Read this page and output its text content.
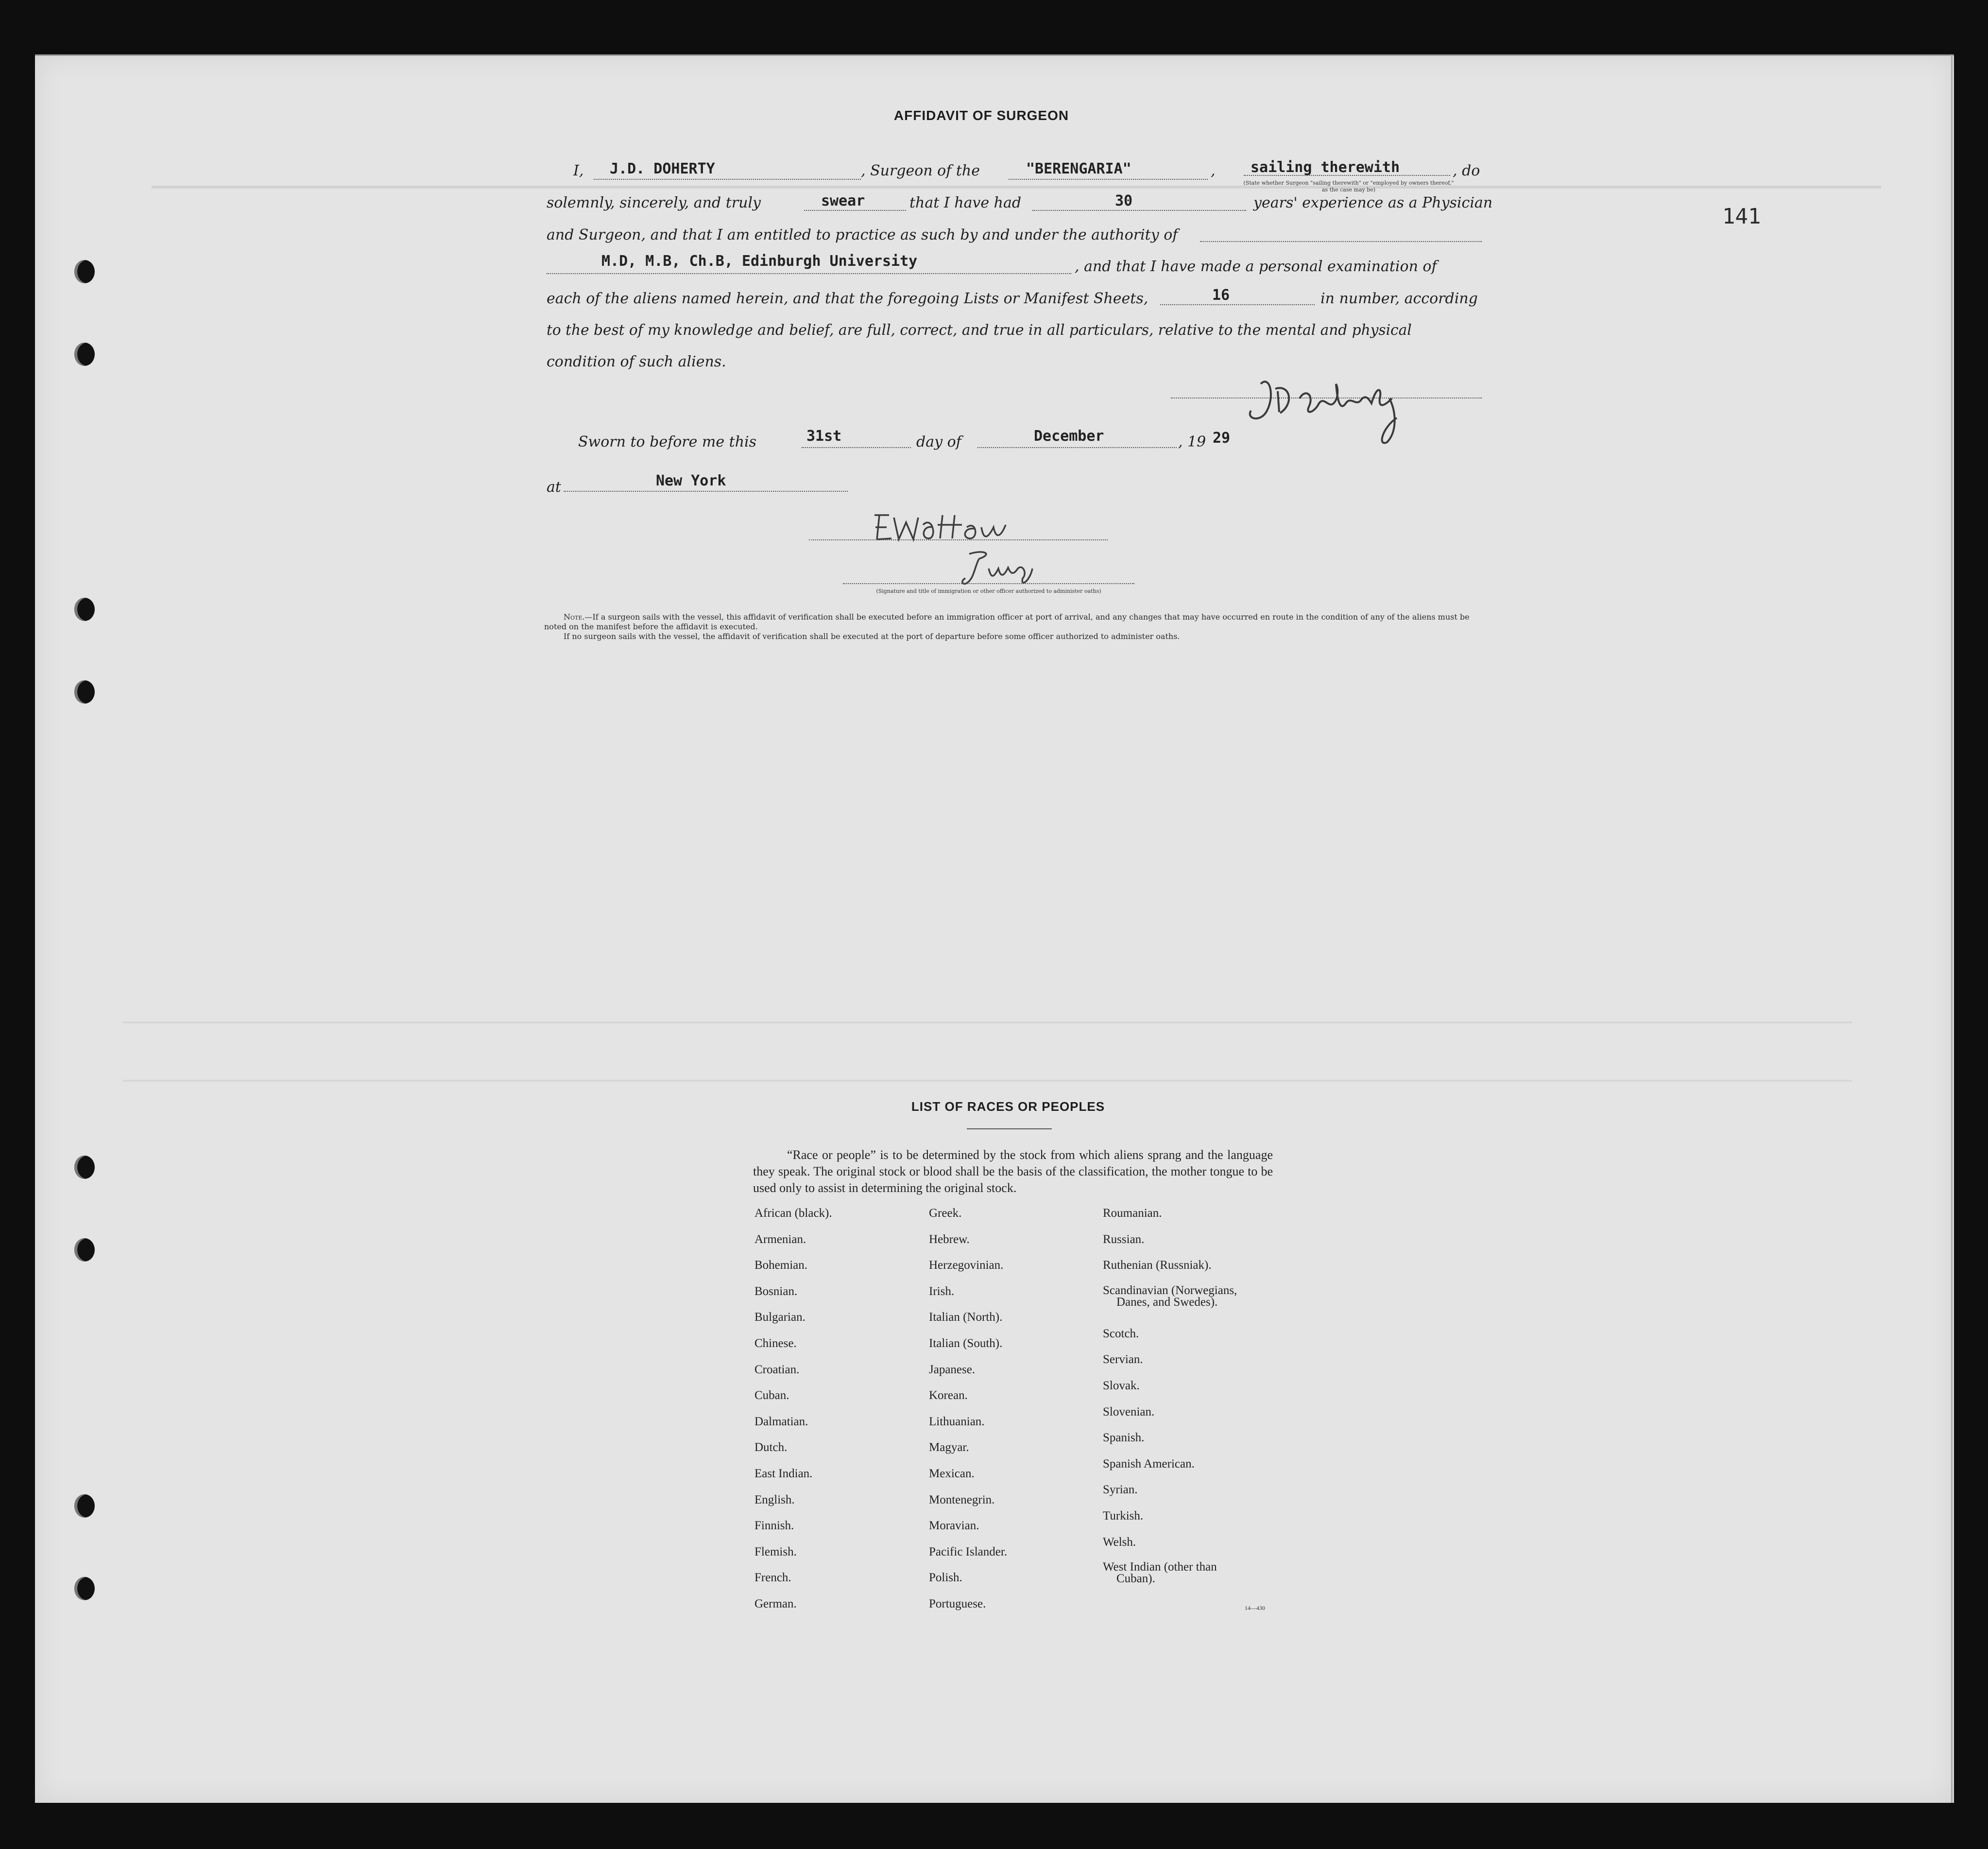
141
AFFIDAVIT OF SURGEON
I, J.D. DOHERTY	, Surgeon of the	"BERENGARIA"	, sailing therewith	, do
(State whether Surgeon "sailing therewith" or "employed by owners thereof," as the case may be)
solemnly, sincerely, and truly	swear	that I have had	30	years' experience as a Physician
and Surgeon, and that I am entitled to practice as such by and under the authority of
M.D, M.B, Ch.B, Edinburgh University	, and that I have made a personal examination of
each of the aliens named herein, and that the foregoing Lists or Manifest Sheets,	16	in number, according
to the best of my knowledge and belief, are full, correct, and true in all particulars, relative to the mental and physical
condition of such aliens.
Sworn to before me this	31st	day of	December	, 19 29
at	New York
(Signature and title of immigration or other officer authorized to administer oaths)
Note.—If a surgeon sails with the vessel, this affidavit of verification shall be executed before an immigration officer at port of arrival, and any changes that may have occurred en route in the condition of any of the aliens must be noted on the manifest before the affidavit is executed.
If no surgeon sails with the vessel, the affidavit of verification shall be executed at the port of departure before some officer authorized to administer oaths.
LIST OF RACES OR PEOPLES
“Race or people” is to be determined by the stock from which aliens sprang and the language they speak. The original stock or blood shall be the basis of the classification, the mother tongue to be used only to assist in determining the original stock.
African (black).
Armenian.
Bohemian.
Bosnian.
Bulgarian.
Chinese.
Croatian.
Cuban.
Dalmatian.
Dutch.
East Indian.
English.
Finnish.
Flemish.
French.
German.
Greek.
Hebrew.
Herzegovinian.
Irish.
Italian (North).
Italian (South).
Japanese.
Korean.
Lithuanian.
Magyar.
Mexican.
Montenegrin.
Moravian.
Pacific Islander.
Polish.
Portuguese.
Roumanian.
Russian.
Ruthenian (Russniak).
Scandinavian (Norwegians,
Danes, and Swedes).
Scotch.
Servian.
Slovak.
Slovenian.
Spanish.
Spanish American.
Syrian.
Turkish.
Welsh.
West Indian (other than
Cuban).
14—430
